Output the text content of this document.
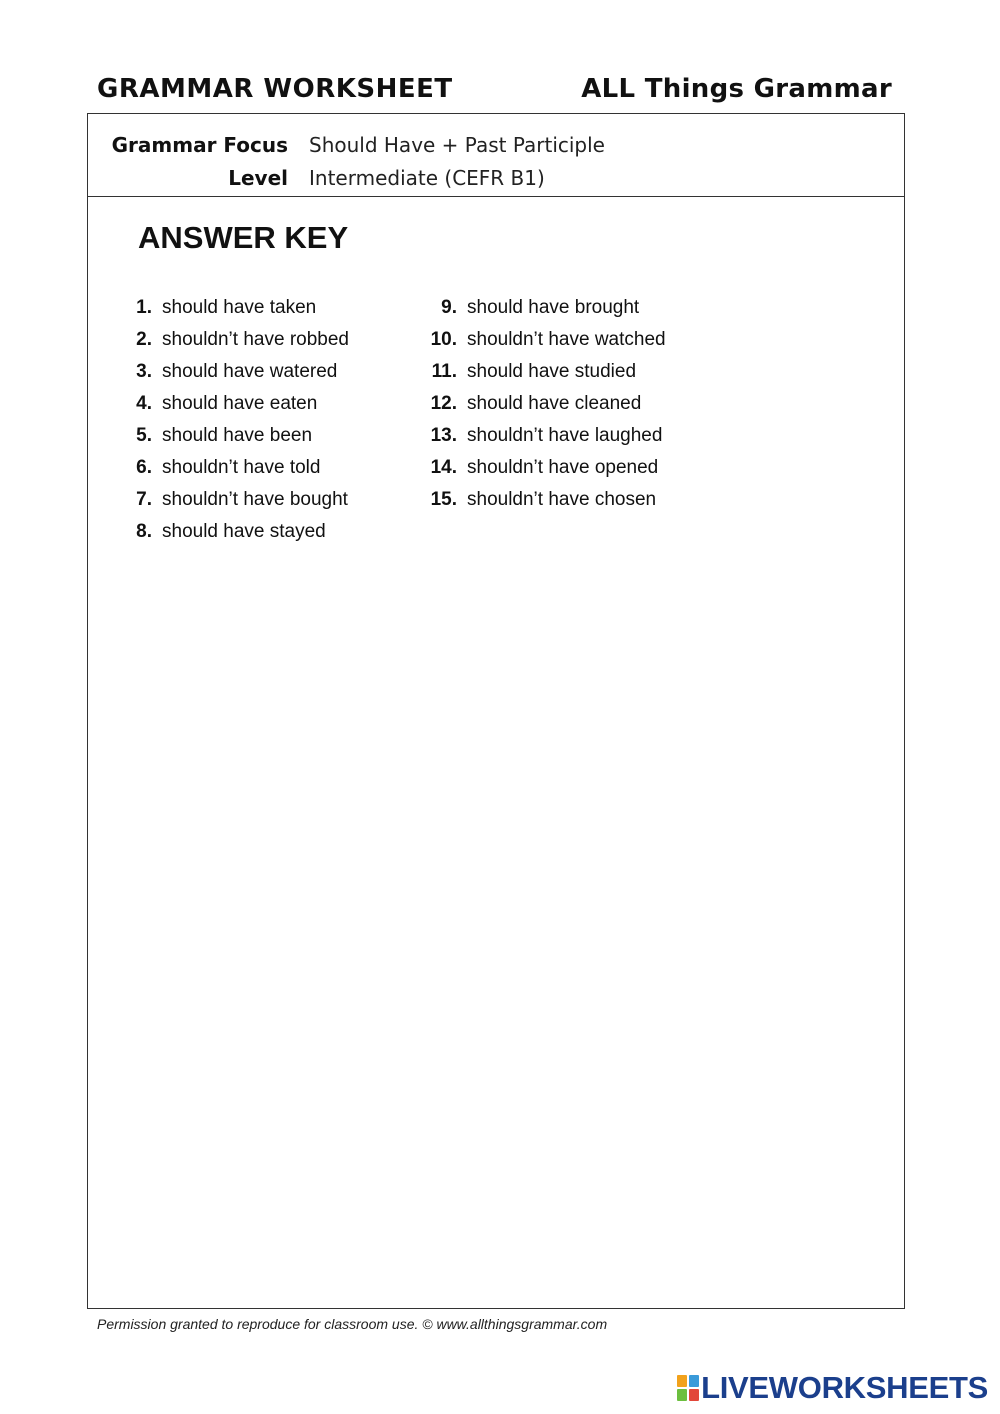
GRAMMAR WORKSHEET	ALL Things Grammar
Grammar Focus Should Have + Past Participle
Level Intermediate (CEFR B1)
ANSWER KEY
1. should have taken
2. shouldn’t have robbed
3. should have watered
4. should have eaten
5. should have been
6. shouldn’t have told
7. shouldn’t have bought
8. should have stayed
9. should have brought
10. shouldn’t have watched
11. should have studied
12. should have cleaned
13. shouldn’t have laughed
14. shouldn’t have opened
15. shouldn’t have chosen
Permission granted to reproduce for classroom use. © www.allthingsgrammar.com
LIVEWORKSHEETS
